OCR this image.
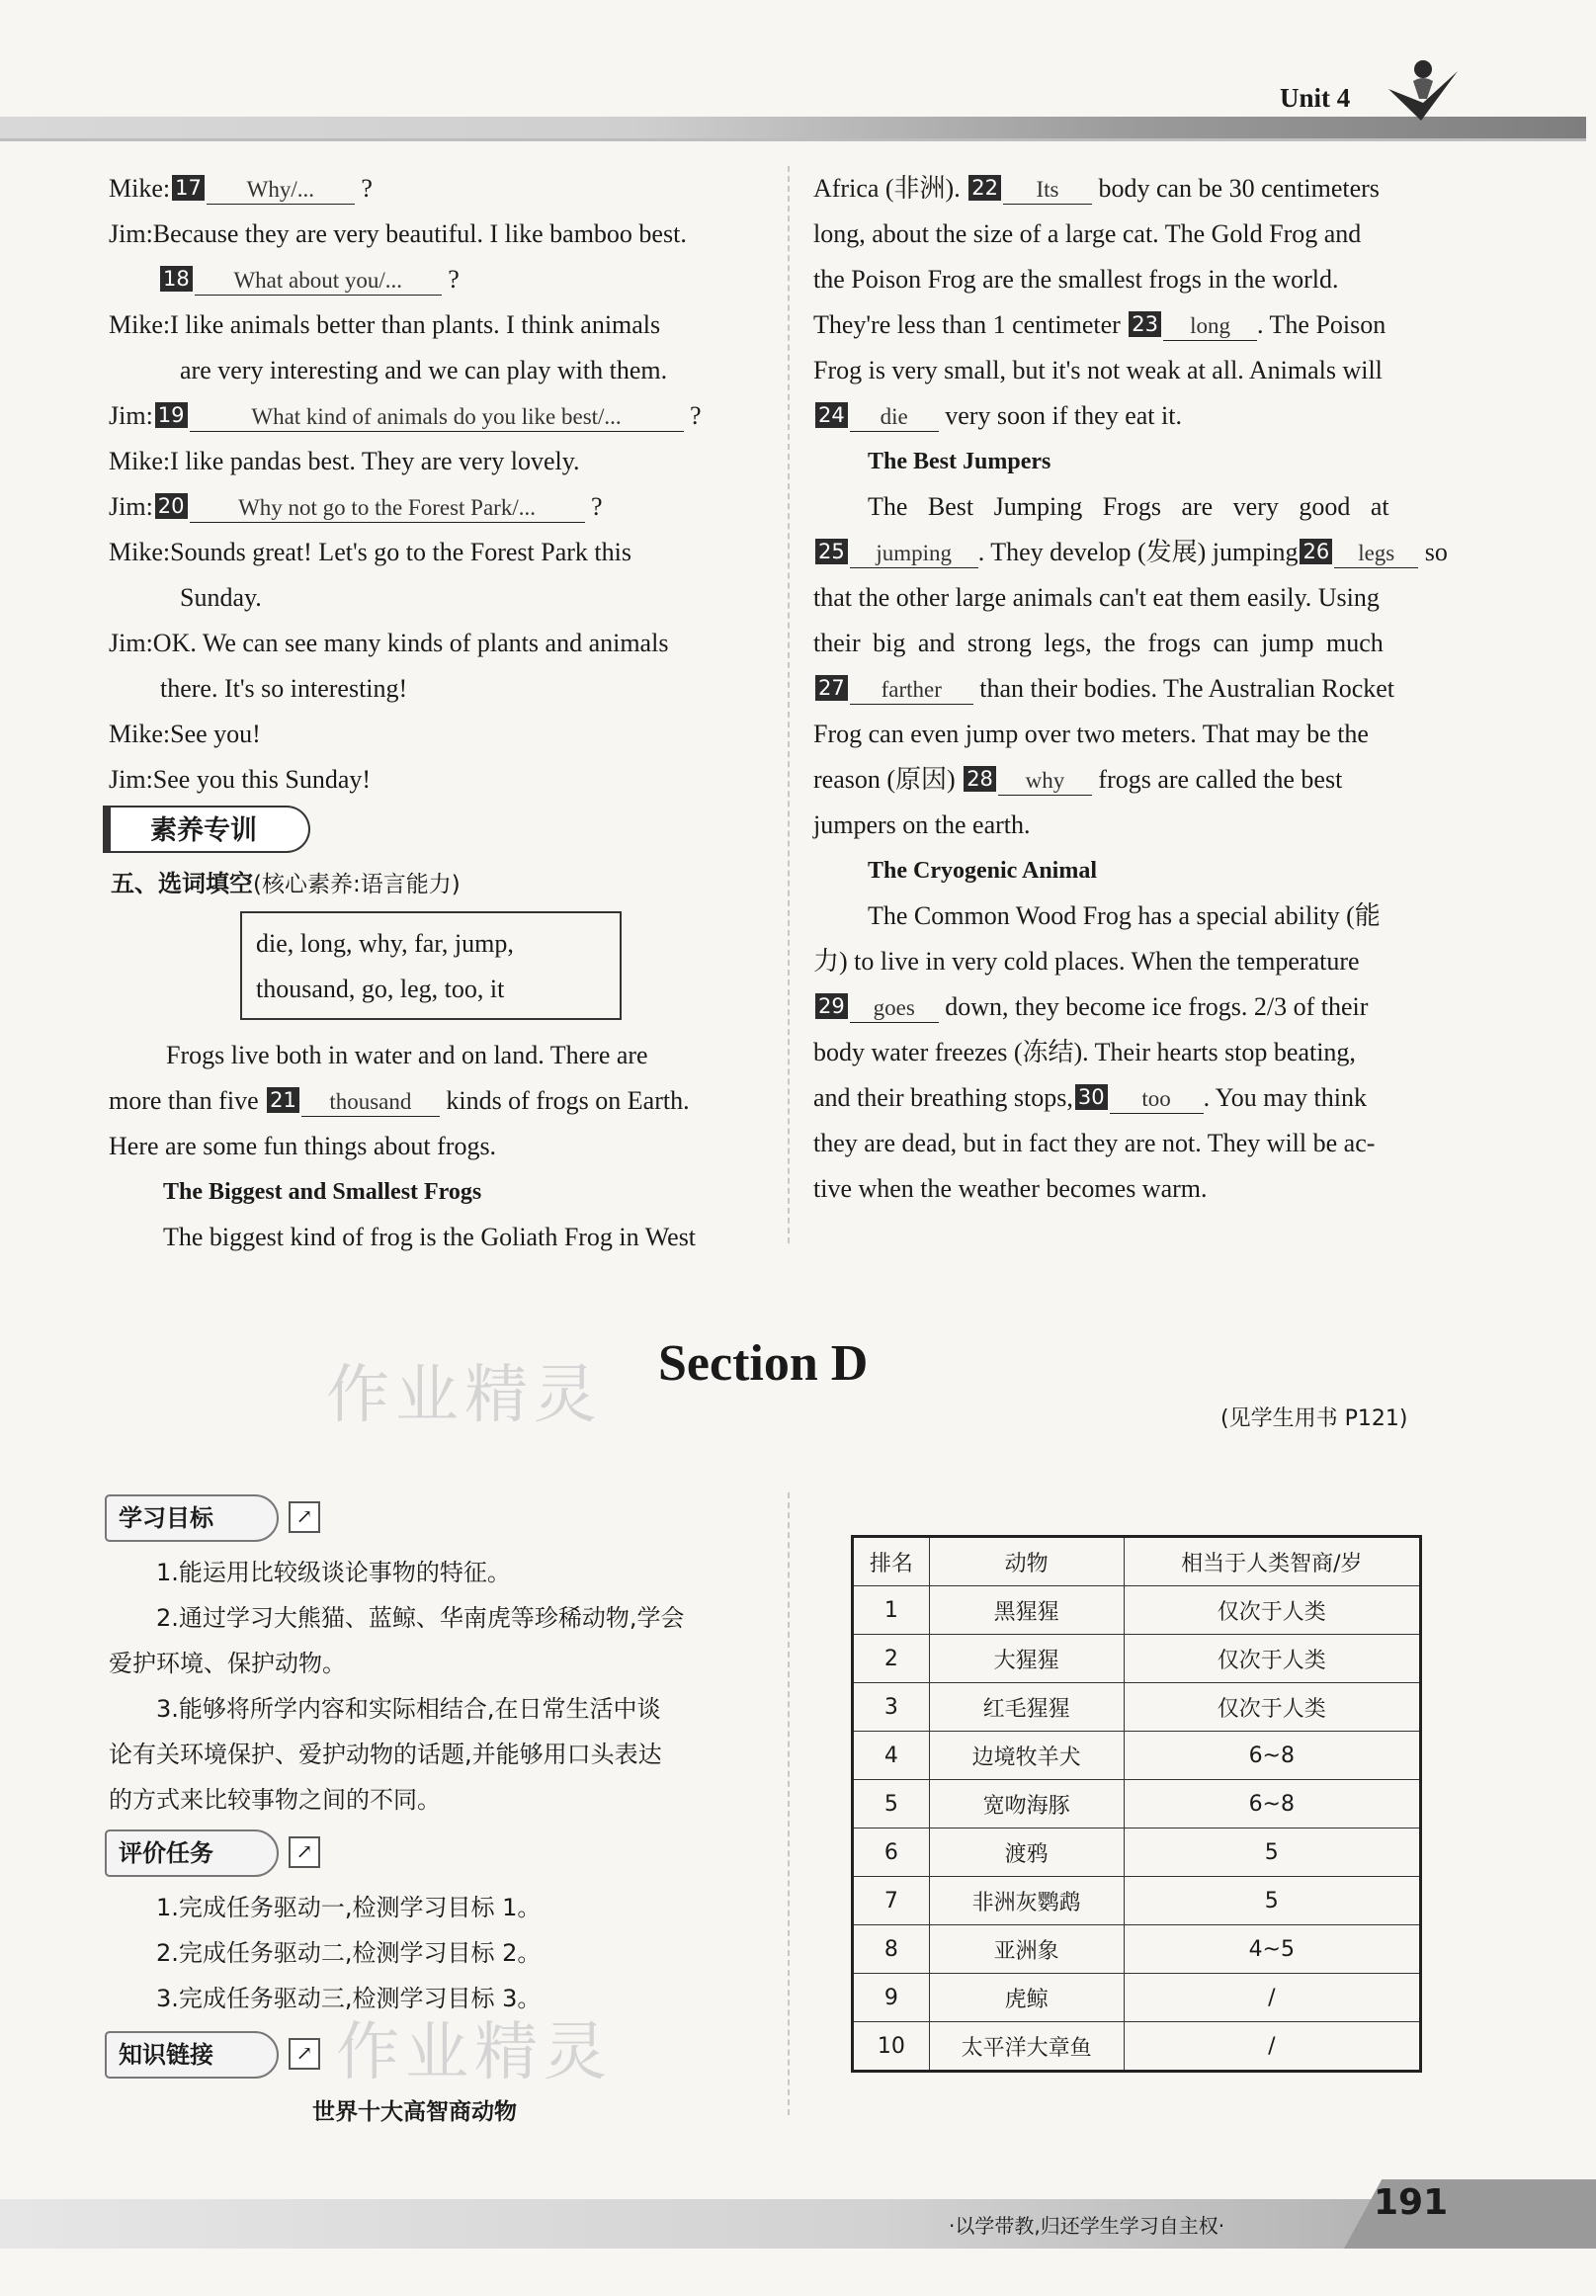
Unit 4
Mike: 17 Why/... ?
Jim:Because they are very beautiful. I like bamboo best.
18 What about you/... ?
Mike:I like animals better than plants. I think animals
are very interesting and we can play with them.
Jim: 19	What kind of animals do you like best/...	?
Mike:I like pandas best. They are very lovely.
Jim: 20 Why not go to the Forest Park/... ?
Mike:Sounds great! Let's go to the Forest Park this
Sunday.
Jim:OK. We can see many kinds of plants and animals
there. It's so interesting!
Mike:See you!
Jim:See you this Sunday!
素养专训
五、选词填空(核心素养:语言能力)
die, long, why, far, jump,
thousand, go, leg, too, it
Frogs live both in water and on land. There are
more than five 21 thousand kinds of frogs on Earth.
Here are some fun things about frogs.
The Biggest and Smallest Frogs
The biggest kind of frog is the Goliath Frog in West
Africa (非洲). 22 Its body can be 30 centimeters
long, about the size of a large cat. The Gold Frog and
the Poison Frog are the smallest frogs in the world.
They're less than 1 centimeter 23 long . The Poison
Frog is very small, but it's not weak at all. Animals will
24 die very soon if they eat it.
The Best Jumpers
The Best Jumping Frogs are very good at
25 jumping . They develop (发展) jumping 26 legs so
that the other large animals can't eat them easily. Using
their big and strong legs, the frogs can jump much
27 farther than their bodies. The Australian Rocket
Frog can even jump over two meters. That may be the
reason (原因) 28 why frogs are called the best
jumpers on the earth.
The Cryogenic Animal
The Common Wood Frog has a special ability (能
力) to live in very cold places. When the temperature
29 goes down, they become ice frogs. 2/3 of their
body water freezes (冻结). Their hearts stop beating,
and their breathing stops, 30 too . You may think
they are dead, but in fact they are not. They will be ac-
tive when the weather becomes warm.
作业精灵
作业精灵
Section D
(见学生用书 P121)
学习目标	↗

1.能运用比较级谈论事物的特征。

2.通过学习大熊猫、蓝鲸、华南虎等珍稀动物,学会

爱护环境、保护动物。

3.能够将所学内容和实际相结合,在日常生活中谈

论有关环境保护、爱护动物的话题,并能够用口头表达

的方式来比较事物之间的不同。

评价任务	↗

1.完成任务驱动一,检测学习目标 1。

2.完成任务驱动二,检测学习目标 2。

3.完成任务驱动三,检测学习目标 3。

知识链接	↗
世界十大高智商动物
排名	动物	相当于人类智商/岁
1	黑猩猩	仅次于人类
2	大猩猩	仅次于人类
3	红毛猩猩	仅次于人类
4	边境牧羊犬	6~8
5	宽吻海豚	6~8
6	渡鸦	5
7	非洲灰鹦鹉	5
8	亚洲象	4~5
9	虎鲸	/
10	太平洋大章鱼	/
·以学带教,归还学生学习自主权·
191
